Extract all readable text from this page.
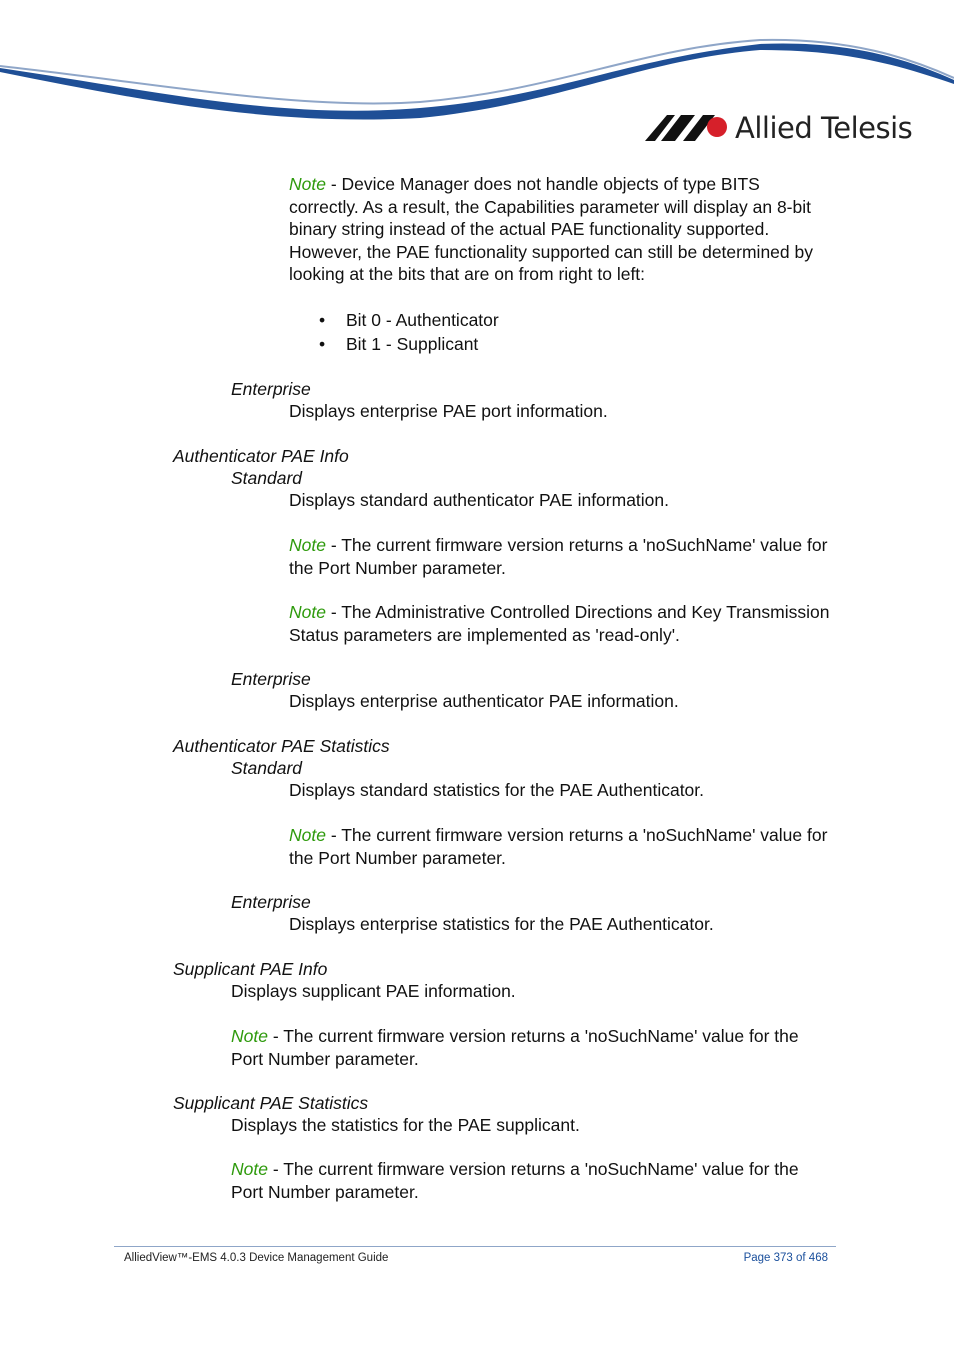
Allied Telesis
Note - Device Manager does not handle objects of type BITS correctly. As a result, the Capabilities parameter will display an 8-bit binary string instead of the actual PAE functionality supported. However, the PAE functionality supported can still be determined by looking at the bits that are on from right to left:
• Bit 0 - Authenticator
• Bit 1 - Supplicant
Enterprise
Displays enterprise PAE port information.
Authenticator PAE Info
Standard
Displays standard authenticator PAE information.
Note - The current firmware version returns a 'noSuchName' value for the Port Number parameter.
Note - The Administrative Controlled Directions and Key Transmission Status parameters are implemented as 'read-only'.
Enterprise
Displays enterprise authenticator PAE information.
Authenticator PAE Statistics
Standard
Displays standard statistics for the PAE Authenticator.
Note - The current firmware version returns a 'noSuchName' value for the Port Number parameter.
Enterprise
Displays enterprise statistics for the PAE Authenticator.
Supplicant PAE Info
Displays supplicant PAE information.
Note - The current firmware version returns a 'noSuchName' value for the Port Number parameter.
Supplicant PAE Statistics
Displays the statistics for the PAE supplicant.
Note - The current firmware version returns a 'noSuchName' value for the Port Number parameter.
AlliedView™-EMS 4.0.3 Device Management Guide	Page 373 of 468
